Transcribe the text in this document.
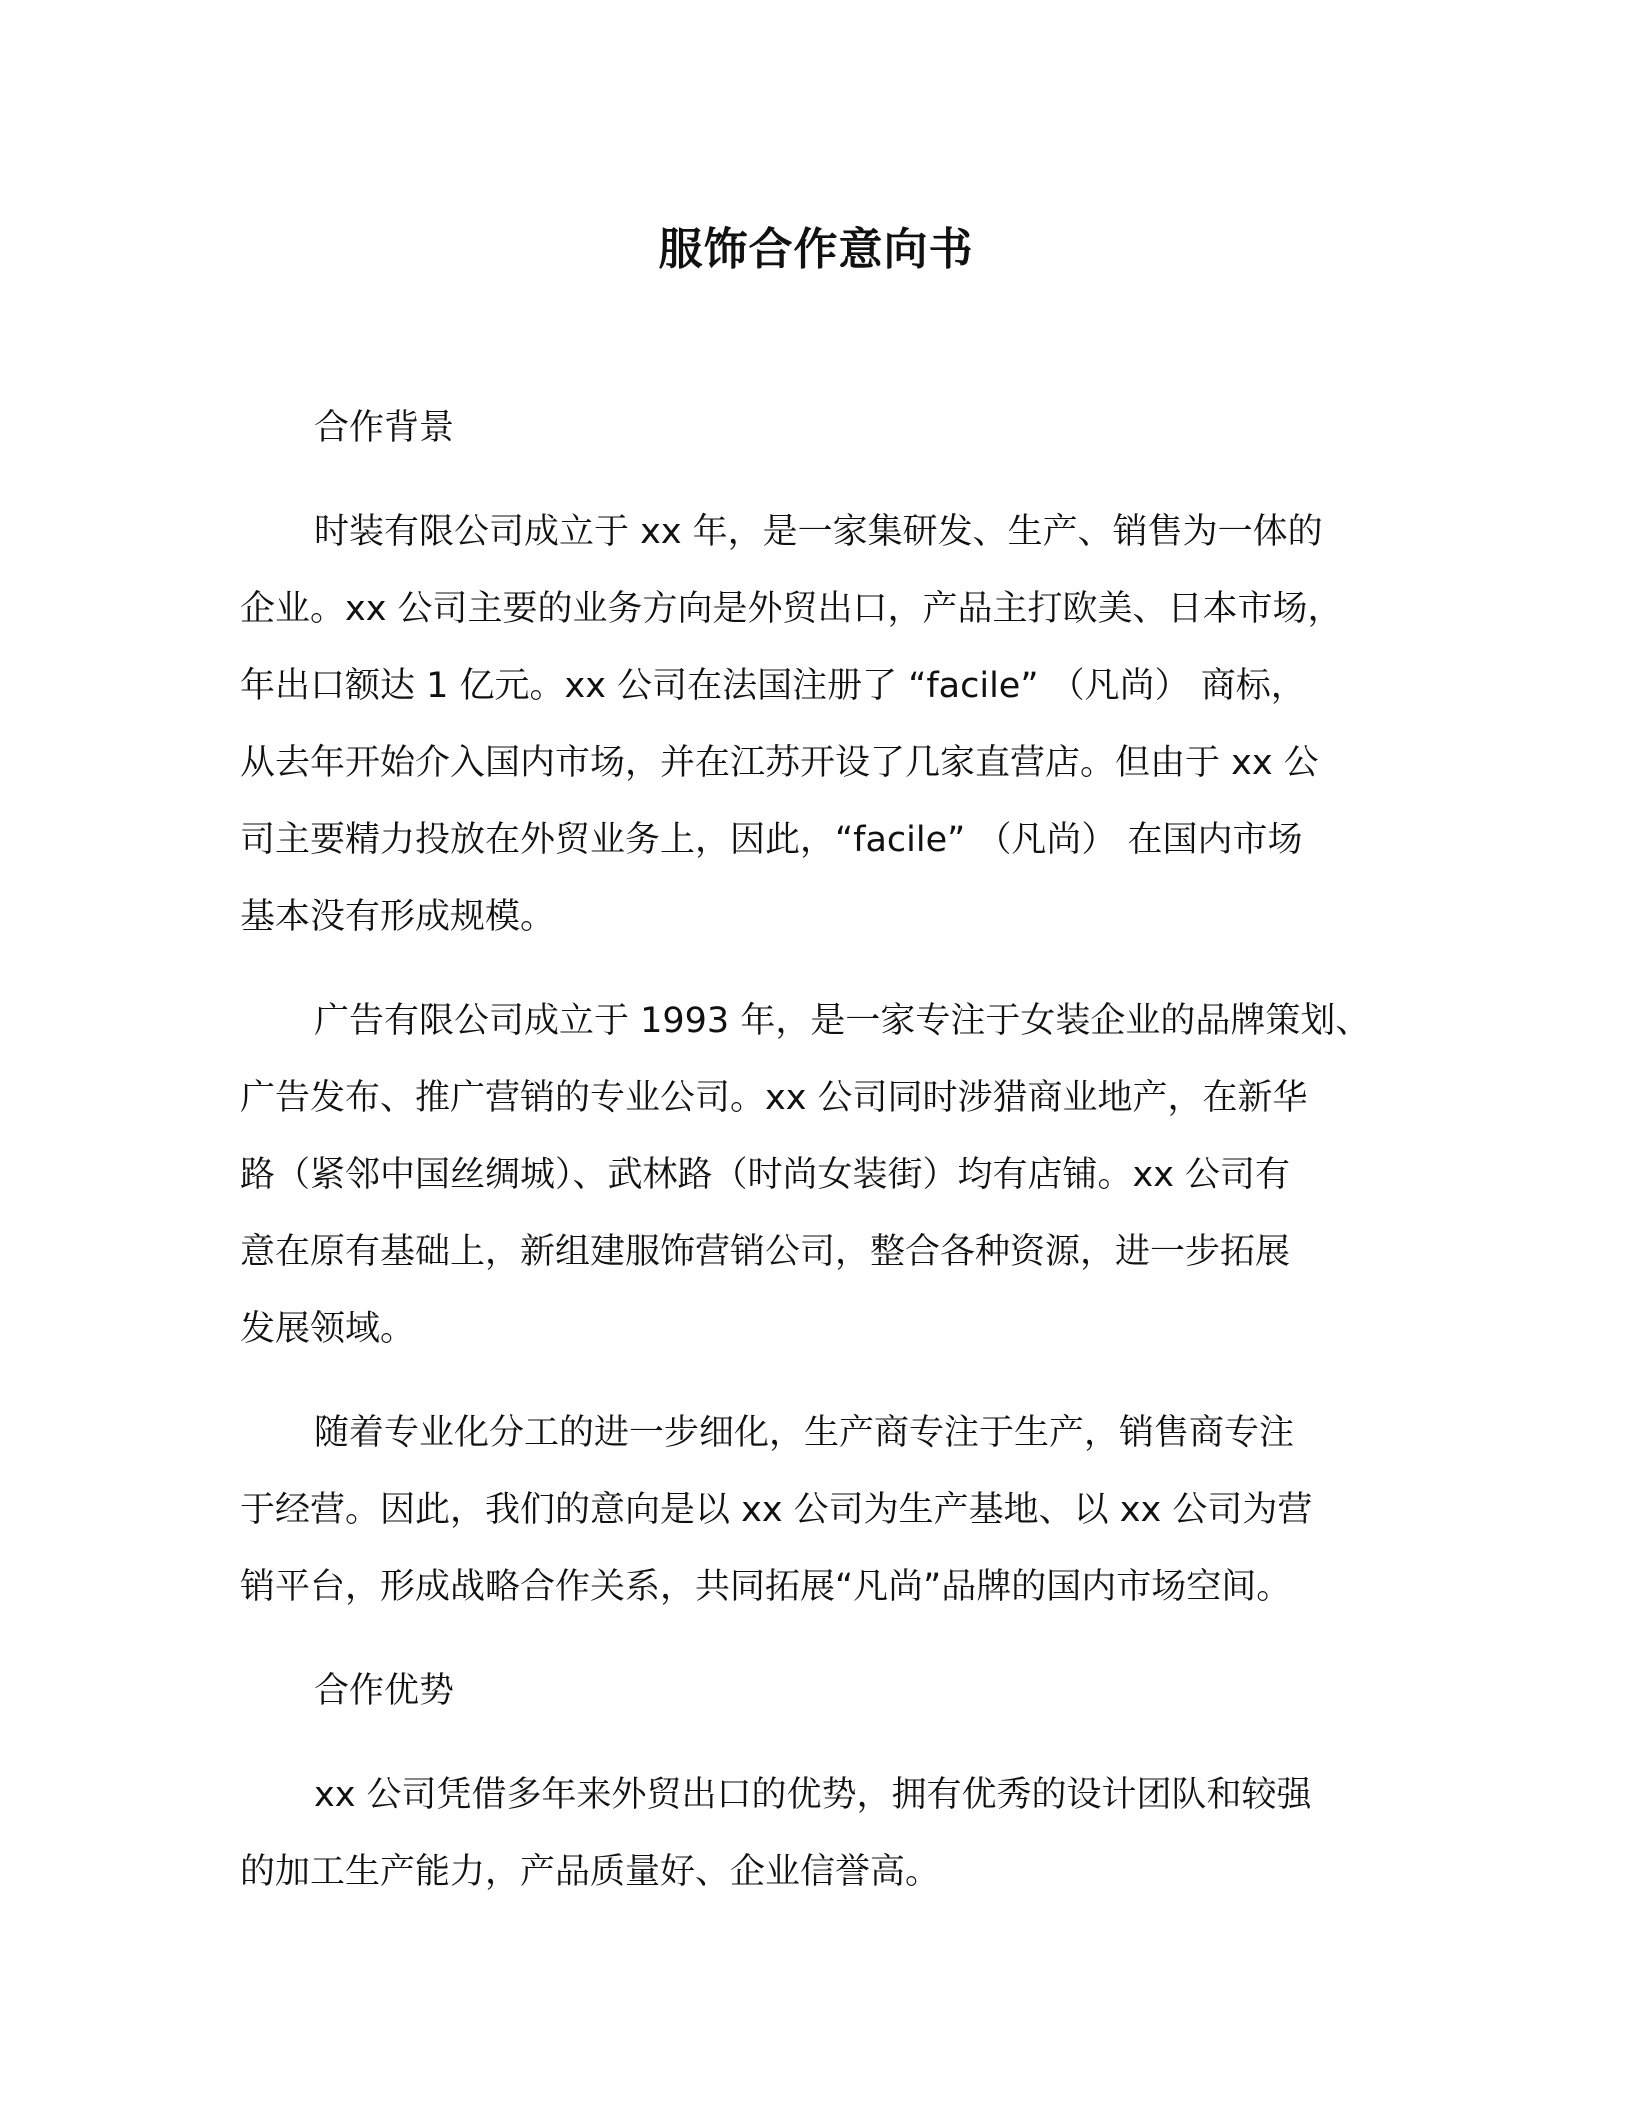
服饰合作意向书
合作背景

时装有限公司成立于 xx 年，是一家集研发、生产、销售为一体的
企业。xx 公司主要的业务方向是外贸出口，产品主打欧美、日本市场，
年出口额达 1 亿元。xx 公司在法国注册了 “facile” （凡尚） 商标，
从去年开始介入国内市场，并在江苏开设了几家直营店。但由于 xx 公
司主要精力投放在外贸业务上，因此，“facile” （凡尚） 在国内市场
基本没有形成规模。

广告有限公司成立于 1993 年，是一家专注于女装企业的品牌策划、
广告发布、推广营销的专业公司。xx 公司同时涉猎商业地产，在新华
路（紧邻中国丝绸城）、武林路（时尚女装街）均有店铺。xx 公司有
意在原有基础上，新组建服饰营销公司，整合各种资源，进一步拓展
发展领域。

随着专业化分工的进一步细化，生产商专注于生产，销售商专注
于经营。因此，我们的意向是以 xx 公司为生产基地、以 xx 公司为营
销平台，形成战略合作关系，共同拓展“凡尚”品牌的国内市场空间。

合作优势

xx 公司凭借多年来外贸出口的优势，拥有优秀的设计团队和较强
的加工生产能力，产品质量好、企业信誉高。
